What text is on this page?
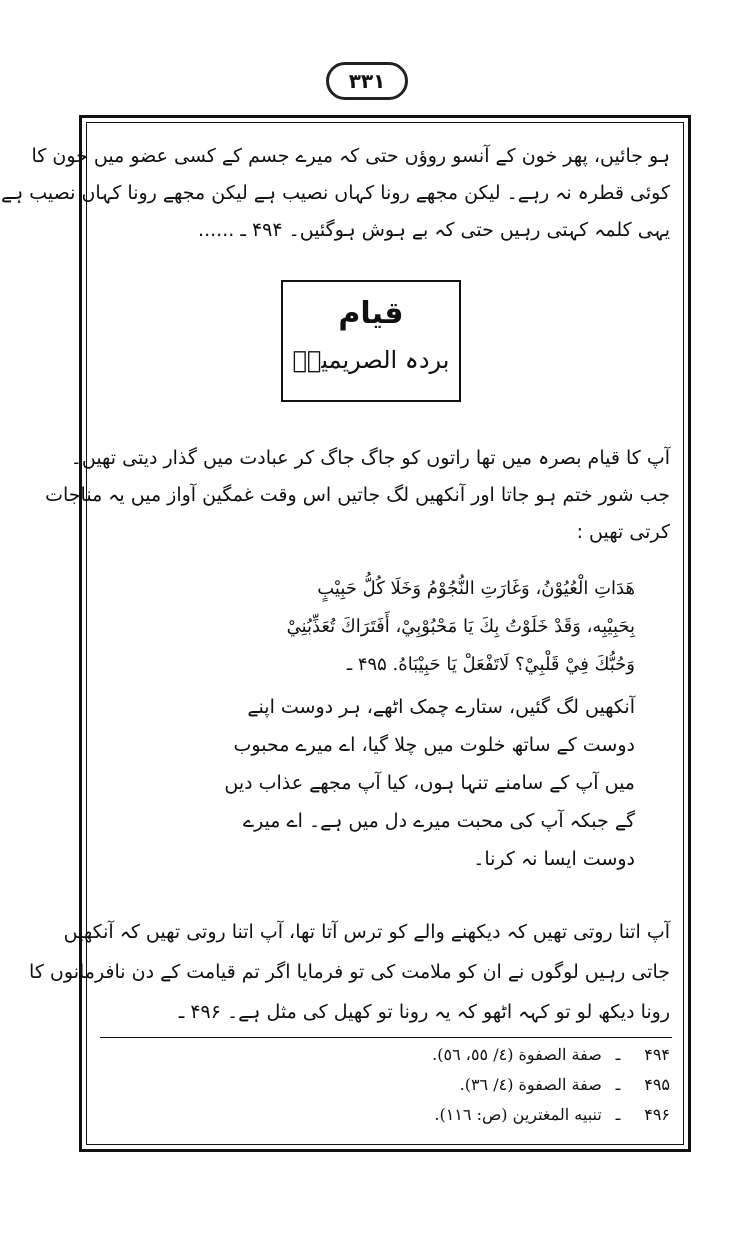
۳۳۱
ہو جائیں، پھر خون کے آنسو روؤں حتی کہ میرے جسم کے کسی عضو میں خون کا
کوئی قطرہ نہ رہے۔ لیکن مجھے رونا کہاں نصیب ہے لیکن مجھے رونا کہاں نصیب ہے
یہی کلمہ کہتی رہیں حتی کہ بے ہوش ہوگئیں۔ ۴۹۴ ـ ......
قیام
بردہ الصریمیہؒ
آپ کا قیام بصرہ میں تھا راتوں کو جاگ جاگ کر عبادت میں گذار دیتی تھیں۔
جب شور ختم ہو جاتا اور آنکھیں لگ جاتیں اس وقت غمگین آواز میں یہ مناجات
کرتی تھیں :
هَدَاتِ الْعُيُوْنُ، وَغَارَتِ النُّجُوْمُ وَخَلَا كُلُّ حَبِيْبٍ
بِحَبِيْبِه، وَقَدْ خَلَوْتُ بِكَ يَا مَحْبُوْبِيْ، أَفَتَرَاكَ تُعَذِّبُنِيْ
وَحُبُّكَ فِيْ قَلْبِيْ؟ لَاتَفْعَلْ يَا حَبِيْبَاهُ. ۴۹۵ ـ
آنکھیں لگ گئیں، ستارے چمک اٹھے، ہر دوست اپنے
دوست کے ساتھ خلوت میں چلا گیا، اے میرے محبوب
میں آپ کے سامنے تنہا ہوں، کیا آپ مجھے عذاب دیں
گے جبکہ آپ کی محبت میرے دل میں ہے۔ اے میرے
دوست ایسا نہ کرنا۔
آپ اتنا روتی تھیں کہ دیکھنے والے کو ترس آتا تھا، آپ اتنا روتی تھیں کہ آنکھیں
جاتی رہیں لوگوں نے ان کو ملامت کی تو فرمایا اگر تم قیامت کے دن نافرمانوں کا
رونا دیکھ لو تو کہہ اٹھو کہ یہ رونا تو کھیل کی مثل ہے۔ ۴۹۶ ـ
۴۹۴ ـ صفة الصفوة (٤/ ٥٥، ٥٦).
۴۹۵ ـ صفة الصفوة (٤/ ٣٦).
۴۹۶ ـ تنبيه المغترين (ص: ١١٦).
